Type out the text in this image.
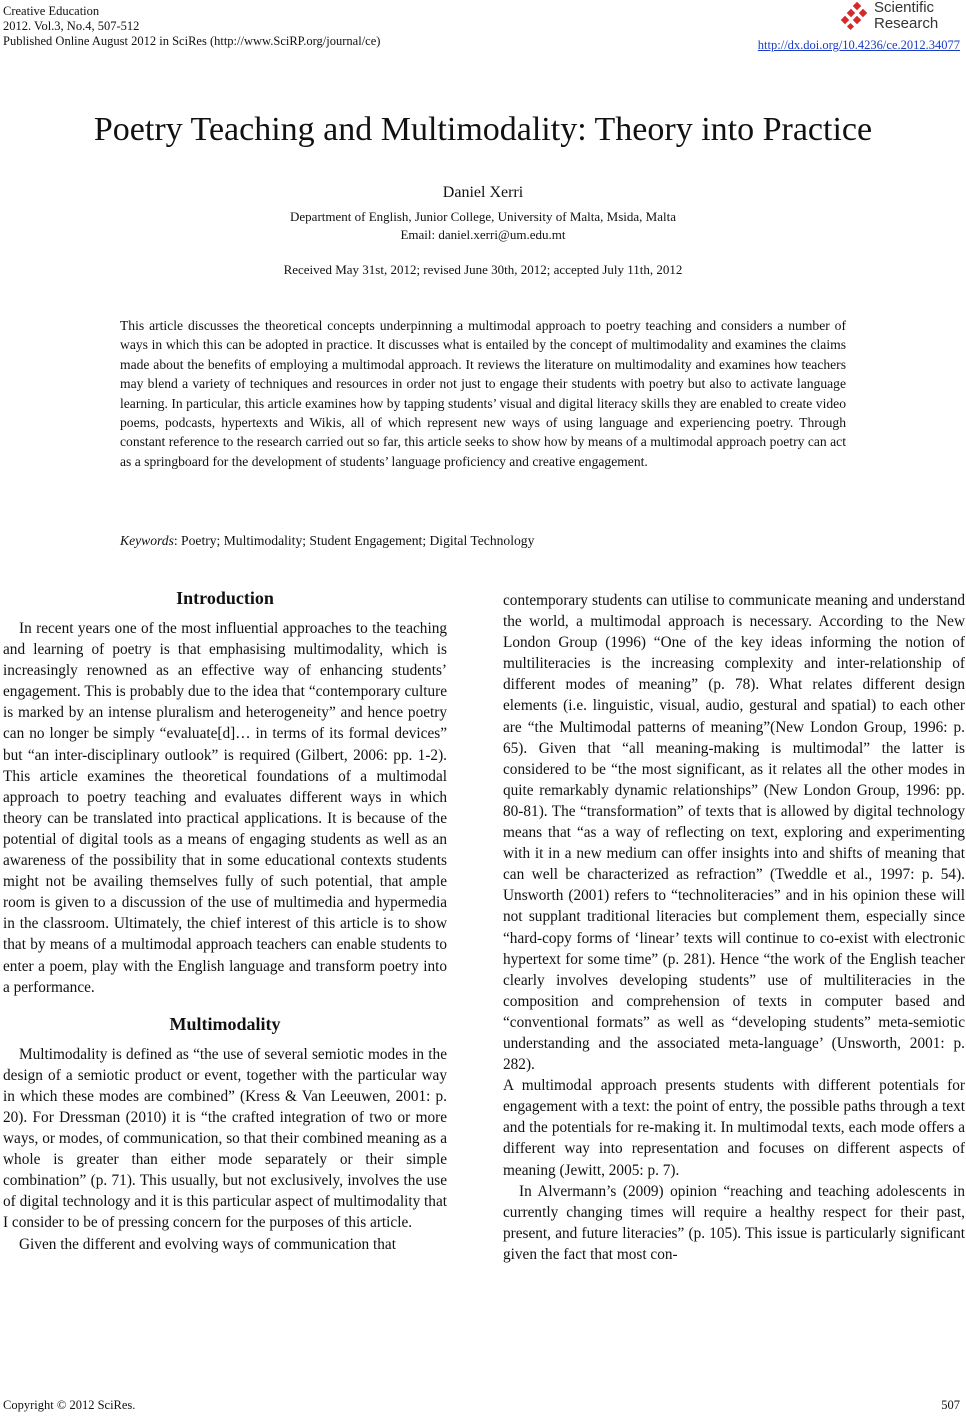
Creative Education
2012. Vol.3, No.4, 507-512
Published Online August 2012 in SciRes (http://www.SciRP.org/journal/ce)
Scientific
Research
http://dx.doi.org/10.4236/ce.2012.34077
Poetry Teaching and Multimodality: Theory into Practice
Daniel Xerri
Department of English, Junior College, University of Malta, Msida, Malta
Email: daniel.xerri@um.edu.mt
Received May 31st, 2012; revised June 30th, 2012; accepted July 11th, 2012
This article discusses the theoretical concepts underpinning a multimodal approach to poetry teaching and considers a number of ways in which this can be adopted in practice. It discusses what is entailed by the concept of multimodality and examines the claims made about the benefits of employing a multimodal approach. It reviews the literature on multimodality and examines how teachers may blend a variety of techniques and resources in order not just to engage their students with poetry but also to activate language learning. In particular, this article examines how by tapping students’ visual and digital literacy skills they are enabled to create video poems, podcasts, hypertexts and Wikis, all of which represent new ways of using language and experiencing poetry. Through constant reference to the research carried out so far, this article seeks to show how by means of a multimodal approach poetry can act as a springboard for the development of students’ language proficiency and creative engagement.
Keywords: Poetry; Multimodality; Student Engagement; Digital Technology
Introduction

In recent years one of the most influential approaches to the teaching and learning of poetry is that emphasising multimodality, which is increasingly renowned as an effective way of enhancing students’ engagement. This is probably due to the idea that “contemporary culture is marked by an intense pluralism and heterogeneity” and hence poetry can no longer be simply “evaluate[d]… in terms of its formal devices” but “an inter-disciplinary outlook” is required (Gilbert, 2006: pp. 1-2). This article examines the theoretical foundations of a multimodal approach to poetry teaching and evaluates different ways in which theory can be translated into practical applications. It is because of the potential of digital tools as a means of engaging students as well as an awareness of the possibility that in some educational contexts students might not be availing themselves fully of such potential, that ample room is given to a discussion of the use of multimedia and hypermedia in the classroom. Ultimately, the chief interest of this article is to show that by means of a multimodal approach teachers can enable students to enter a poem, play with the English language and transform poetry into a performance.

Multimodality

Multimodality is defined as “the use of several semiotic modes in the design of a semiotic product or event, together with the particular way in which these modes are combined” (Kress & Van Leeuwen, 2001: p. 20). For Dressman (2010) it is “the crafted integration of two or more ways, or modes, of communication, so that their combined meaning as a whole is greater than either mode separately or their simple combination” (p. 71). This usually, but not exclusively, involves the use of digital technology and it is this particular aspect of multimodality that I consider to be of pressing concern for the purposes of this article.

Given the different and evolving ways of communication that

contemporary students can utilise to communicate meaning and understand the world, a multimodal approach is necessary. According to the New London Group (1996) “One of the key ideas informing the notion of multiliteracies is the increasing complexity and inter-relationship of different modes of meaning” (p. 78). What relates different design elements (i.e. linguistic, visual, audio, gestural and spatial) to each other are “the Multimodal patterns of meaning”(New London Group, 1996: p. 65). Given that “all meaning-making is multimodal” the latter is considered to be “the most significant, as it relates all the other modes in quite remarkably dynamic relationships” (New London Group, 1996: pp. 80-81). The “transformation” of texts that is allowed by digital technology means that “as a way of reflecting on text, exploring and experimenting with it in a new medium can offer insights into and shifts of meaning that can well be characterized as refraction” (Tweddle et al., 1997: p. 54). Unsworth (2001) refers to “technoliteracies” and in his opinion these will not supplant traditional literacies but complement them, especially since “hard-copy forms of ‘linear’ texts will continue to co-exist with electronic hypertext for some time” (p. 281). Hence “the work of the English teacher clearly involves developing students” use of multiliteracies in the composition and comprehension of texts in computer based and “conventional formats” as well as “developing students” meta-semiotic understanding and the associated meta-language’ (Unsworth, 2001: p. 282).

A multimodal approach presents students with different potentials for engagement with a text: the point of entry, the possible paths through a text and the potentials for re-making it. In multimodal texts, each mode offers a different way into representation and focuses on different aspects of meaning (Jewitt, 2005: p. 7).

In Alvermann’s (2009) opinion “reaching and teaching adolescents in currently changing times will require a healthy respect for their past, present, and future literacies” (p. 105). This issue is particularly significant given the fact that most con-

Copyright © 2012 SciRes.	507
